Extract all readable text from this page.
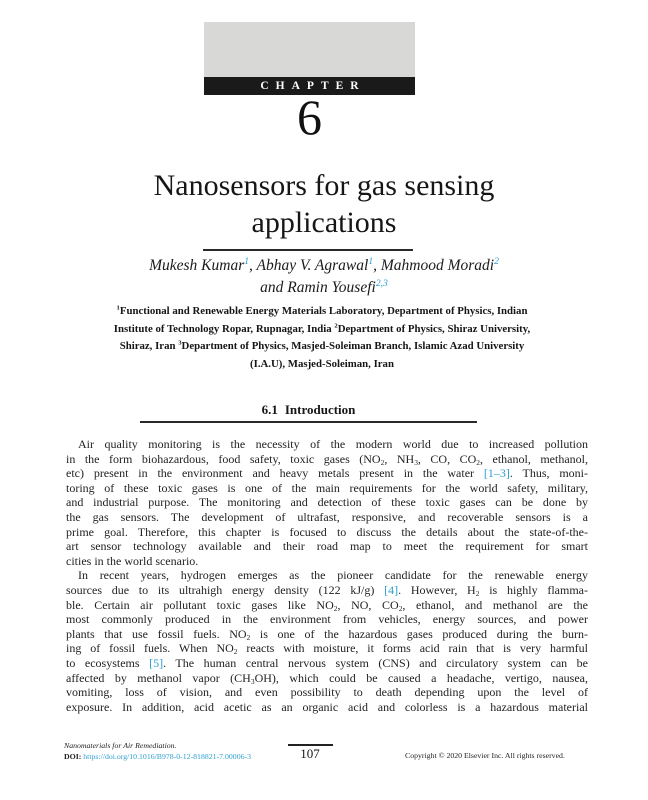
CHAPTER
6
Nanosensors for gas sensing
applications
Mukesh Kumar$^1$, Abhay V. Agrawal$^1$, Mahmood Moradi$^2$
and Ramin Yousefi$^{2,3}$
$^1$Functional and Renewable Energy Materials Laboratory, Department of Physics, Indian
Institute of Technology Ropar, Rupnagar, India $^2$Department of Physics, Shiraz University,
Shiraz, Iran $^3$Department of Physics, Masjed-Soleiman Branch, Islamic Azad University
(I.A.U), Masjed-Soleiman, Iran
6.1 Introduction
Air quality monitoring is the necessity of the modern world due to increased pollution
in the form biohazardous, food safety, toxic gases ($NO_2$, $NH_3$, CO, $CO_2$, ethanol, methanol,
etc) present in the environment and heavy metals present in the water [1–3]. Thus, moni-
toring of these toxic gases is one of the main requirements for the world safety, military,
and industrial purpose. The monitoring and detection of these toxic gases can be done by
the gas sensors. The development of ultrafast, responsive, and recoverable sensors is a
prime goal. Therefore, this chapter is focused to discuss the details about the state-of-the-
art sensor technology available and their road map to meet the requirement for smart
cities in the world scenario.
In recent years, hydrogen emerges as the pioneer candidate for the renewable energy
sources due to its ultrahigh energy density (122 kJ/g) [4]. However, $H_2$ is highly flamma-
ble. Certain air pollutant toxic gases like $NO_2$, NO, $CO_2$, ethanol, and methanol are the
most commonly produced in the environment from vehicles, energy sources, and power
plants that use fossil fuels. $NO_2$ is one of the hazardous gases produced during the burn-
ing of fossil fuels. When $NO_2$ reacts with moisture, it forms acid rain that is very harmful
to ecosystems [5]. The human central nervous system (CNS) and circulatory system can be
affected by methanol vapor $(CH_3OH)$, which could be caused a headache, vertigo, nausea,
vomiting, loss of vision, and even possibility to death depending upon the level of
exposure. In addition, acid acetic as an organic acid and colorless is a hazardous material
Nanomaterials for Air Remediation.
DOI: https://doi.org/10.1016/B978-0-12-818821-7.00006-3	107	Copyright © 2020 Elsevier Inc. All rights reserved.
